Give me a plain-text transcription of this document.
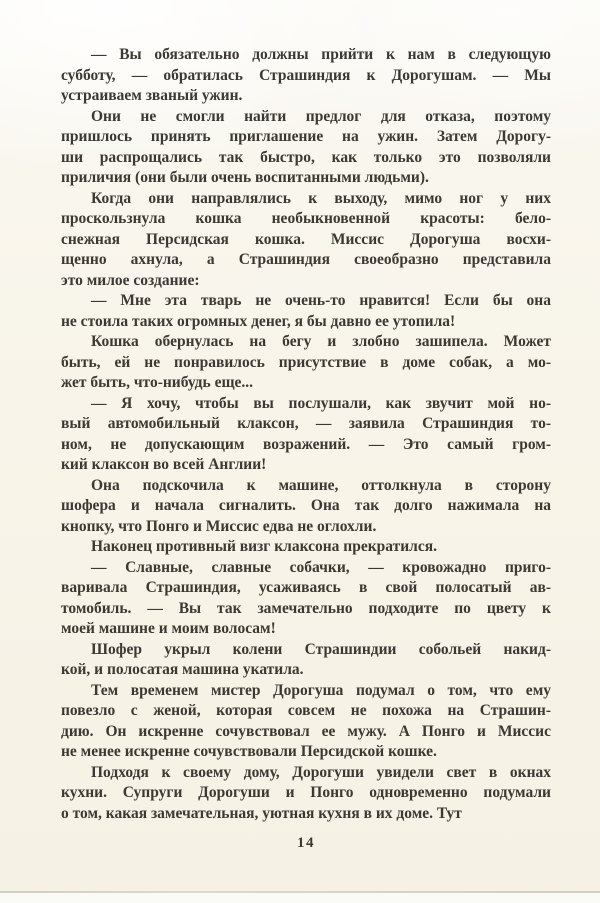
— Вы обязательно должны прийти к нам в следующую
субботу, — обратилась Страшиндия к Дорогушам. — Мы
устраиваем званый ужин.
Они не смогли найти предлог для отказа, поэтому
пришлось принять приглашение на ужин. Затем Дорогу-
ши распрощались так быстро, как только это позволяли
приличия (они были очень воспитанными людьми).
Когда они направлялись к выходу, мимо ног у них
проскользнула кошка необыкновенной красоты: бело-
снежная Персидская кошка. Миссис Дорогуша восхи-
щенно ахнула, а Страшиндия своеобразно представила
это милое создание:
— Мне эта тварь не очень-то нравится! Если бы она
не стоила таких огромных денег, я бы давно ее утопила!
Кошка обернулась на бегу и злобно зашипела. Может
быть, ей не понравилось присутствие в доме собак, а мо-
жет быть, что-нибудь еще...
— Я хочу, чтобы вы послушали, как звучит мой но-
вый автомобильный клаксон, — заявила Страшиндия то-
ном, не допускающим возражений. — Это самый гром-
кий клаксон во всей Англии!
Она подскочила к машине, оттолкнула в сторону
шофера и начала сигналить. Она так долго нажимала на
кнопку, что Понго и Миссис едва не оглохли.
Наконец противный визг клаксона прекратился.
— Славные, славные собачки, — кровожадно приго-
варивала Страшиндия, усаживаясь в свой полосатый ав-
томобиль. — Вы так замечательно подходите по цвету к
моей машине и моим волосам!
Шофер укрыл колени Страшиндии собольей накид-
кой, и полосатая машина укатила.
Тем временем мистер Дорогуша подумал о том, что ему
повезло с женой, которая совсем не похожа на Страшин-
дию. Он искренне сочувствовал ее мужу. А Понго и Миссис
не менее искренне сочувствовали Персидской кошке.
Подходя к своему дому, Дорогуши увидели свет в окнах
кухни. Супруги Дорогуши и Понго одновременно подумали
о том, какая замечательная, уютная кухня в их доме. Тут
14
